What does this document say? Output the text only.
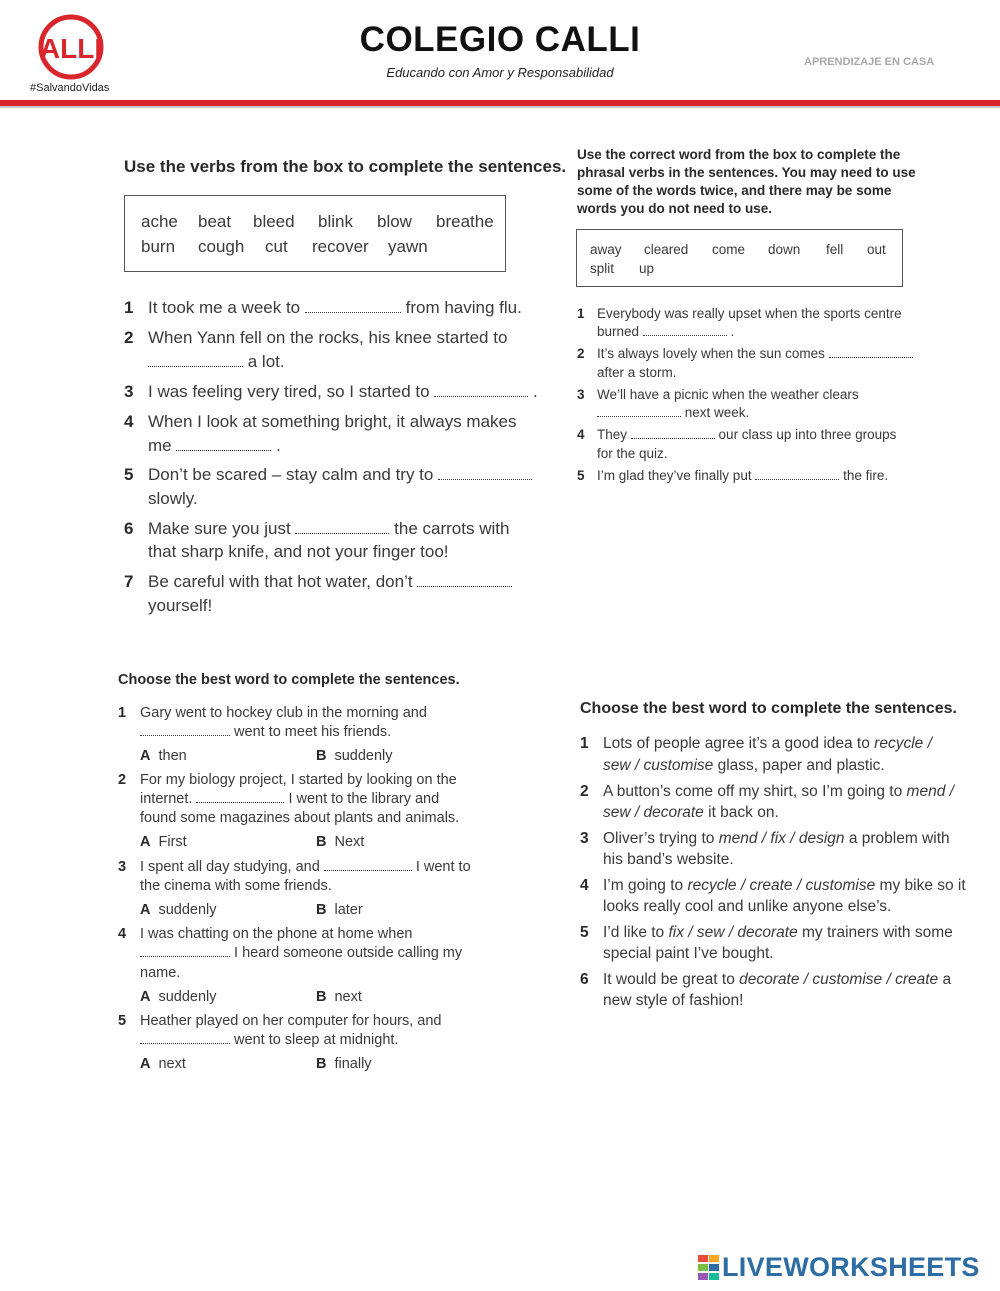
ALLI
#SalvandoVidas
COLEGIO CALLI
Educando con Amor y Responsabilidad
APRENDIZAJE EN CASA
Use the verbs from the box to complete the sentences.
ache beat bleed blink blow breathe
burn cough cut recover yawn
1 It took me a week to	from having flu.
2 When Yann fell on the rocks, his knee started to
a lot.
3 I was feeling very tired, so I started to	.
4 When I look at something bright, it always makes
me	.
5 Don’t be scared – stay calm and try to
slowly.
6 Make sure you just	the carrots with
that sharp knife, and not your finger too!
7 Be careful with that hot water, don’t
yourself!
Use the correct word from the box to complete the
phrasal verbs in the sentences. You may need to use
some of the words twice, and there may be some
words you do not need to use.
away cleared come down fell out
split up
1 Everybody was really upset when the sports centre
burned	.
2 It’s always lovely when the sun comes
after a storm.
3 We’ll have a picnic when the weather clears
next week.
4 They	our class up into three groups
for the quiz.
5 I’m glad they’ve finally put	the fire.
Choose the best word to complete the sentences.
1 Gary went to hockey club in the morning and
went to meet his friends.
A then	B suddenly
2 For my biology project, I started by looking on the
internet.	I went to the library and
found some magazines about plants and animals.
A First	B Next
3 I spent all day studying, and	I went to
the cinema with some friends.
A suddenly	B later
4 I was chatting on the phone at home when
I heard someone outside calling my
name.
A suddenly	B next
5 Heather played on her computer for hours, and
went to sleep at midnight.
A next	B finally
Choose the best word to complete the sentences.
1 Lots of people agree it’s a good idea to recycle /
sew / customise glass, paper and plastic.
2 A button’s come off my shirt, so I’m going to mend /
sew / decorate it back on.
3 Oliver’s trying to mend / fix / design a problem with
his band’s website.
4 I’m going to recycle / create / customise my bike so it
looks really cool and unlike anyone else’s.
5 I’d like to fix / sew / decorate my trainers with some
special paint I’ve bought.
6 It would be great to decorate / customise / create a
new style of fashion!
LIVEWORKSHEETS
